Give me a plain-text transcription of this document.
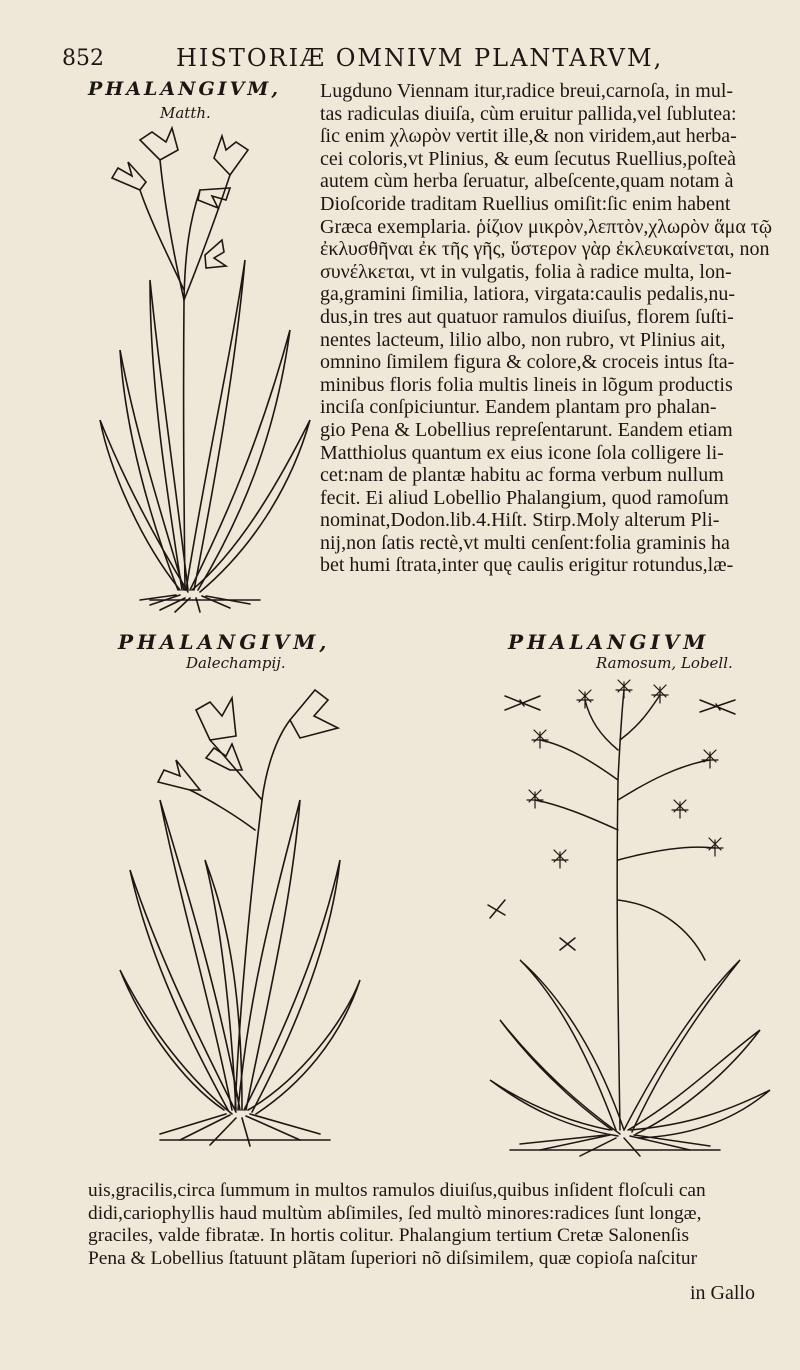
852	HISTORIÆ OMNIVM PLANTARVM,
PHALANGIVM,
Matth.
Lugduno Viennam itur,radice breui,carnoſa, in mul-
tas radiculas diuiſa, cùm eruitur pallida,vel ſublutea:
ſic enim χλωρὸν vertit ille,& non viridem,aut herba-
cei coloris,vt Plinius, & eum ſecutus Ruellius,poſteà
autem cùm herba ſeruatur, albeſcente,quam notam à
Dioſcoride traditam Ruellius omiſit:ſic enim habent
Græca exemplaria. ῥίζιον μικρὸν,λεπτὸν,χλωρὸν ἅμα τῷ
ἐκλυσθῆναι ἐκ τῆς γῆς, ὕστερον γὰρ ἐκλευκαίνεται, non
συνέλκεται, vt in vulgatis, folia à radice multa, lon-
ga,gramini ſimilia, latiora, virgata:caulis pedalis,nu-
dus,in tres aut quatuor ramulos diuiſus, florem ſuſti-
nentes lacteum, lilio albo, non rubro, vt Plinius ait,
omnino ſimilem figura & colore,& croceis intus ſta-
minibus floris folia multis lineis in lõgum productis
inciſa conſpiciuntur. Eandem plantam pro phalan-
gio Pena & Lobellius repreſentarunt. Eandem etiam
Matthiolus quantum ex eius icone ſola colligere li-
cet:nam de plantæ habitu ac forma verbum nullum
fecit. Ei aliud Lobellio Phalangium, quod ramoſum
nominat,Dodon.lib.4.Hiſt. Stirp.Moly alterum Pli-
nij,non ſatis rectè,vt multi cenſent:folia graminis ha
bet humi ſtrata,inter quę caulis erigitur rotundus,læ-
PHALANGIVM,
Dalechampij.
PHALANGIVM
Ramosum, Lobell.
uis,gracilis,circa ſummum in multos ramulos diuiſus,quibus inſident floſculi can
didi,cariophyllis haud multùm abſimiles, ſed multò minores:radices ſunt longæ,
graciles, valde fibratæ. In hortis colitur. Phalangium tertium Cretæ Salonenſis
Pena & Lobellius ſtatuunt plãtam ſuperiori nõ diſsimilem, quæ copioſa naſcitur
in Gallo
